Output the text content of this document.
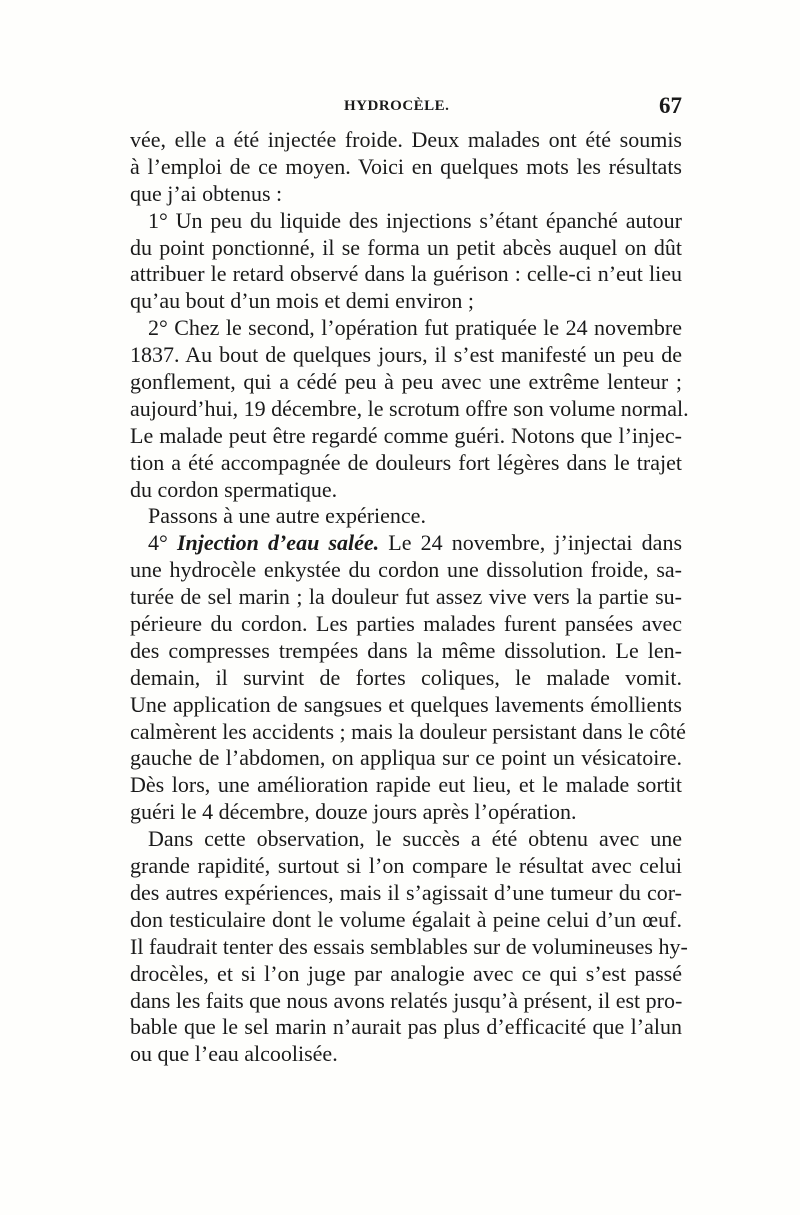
HYDROCÈLE.	67
vée, elle a été injectée froide. Deux malades ont été soumis
à l’emploi de ce moyen. Voici en quelques mots les résultats
que j’ai obtenus :
1° Un peu du liquide des injections s’étant épanché autour
du point ponctionné, il se forma un petit abcès auquel on dût
attribuer le retard observé dans la guérison : celle-ci n’eut lieu
qu’au bout d’un mois et demi environ ;
2° Chez le second, l’opération fut pratiquée le 24 novembre
1837. Au bout de quelques jours, il s’est manifesté un peu de
gonflement, qui a cédé peu à peu avec une extrême lenteur ;
aujourd’hui, 19 décembre, le scrotum offre son volume normal.
Le malade peut être regardé comme guéri. Notons que l’injec-
tion a été accompagnée de douleurs fort légères dans le trajet
du cordon spermatique.
Passons à une autre expérience.
4° Injection d’eau salée. Le 24 novembre, j’injectai dans
une hydrocèle enkystée du cordon une dissolution froide, sa-
turée de sel marin ; la douleur fut assez vive vers la partie su-
périeure du cordon. Les parties malades furent pansées avec
des compresses trempées dans la même dissolution. Le len-
demain, il survint de fortes coliques, le malade vomit.
Une application de sangsues et quelques lavements émollients
calmèrent les accidents ; mais la douleur persistant dans le côté
gauche de l’abdomen, on appliqua sur ce point un vésicatoire.
Dès lors, une amélioration rapide eut lieu, et le malade sortit
guéri le 4 décembre, douze jours après l’opération.
Dans cette observation, le succès a été obtenu avec une
grande rapidité, surtout si l’on compare le résultat avec celui
des autres expériences, mais il s’agissait d’une tumeur du cor-
don testiculaire dont le volume égalait à peine celui d’un œuf.
Il faudrait tenter des essais semblables sur de volumineuses hy-
drocèles, et si l’on juge par analogie avec ce qui s’est passé
dans les faits que nous avons relatés jusqu’à présent, il est pro-
bable que le sel marin n’aurait pas plus d’efficacité que l’alun
ou que l’eau alcoolisée.
